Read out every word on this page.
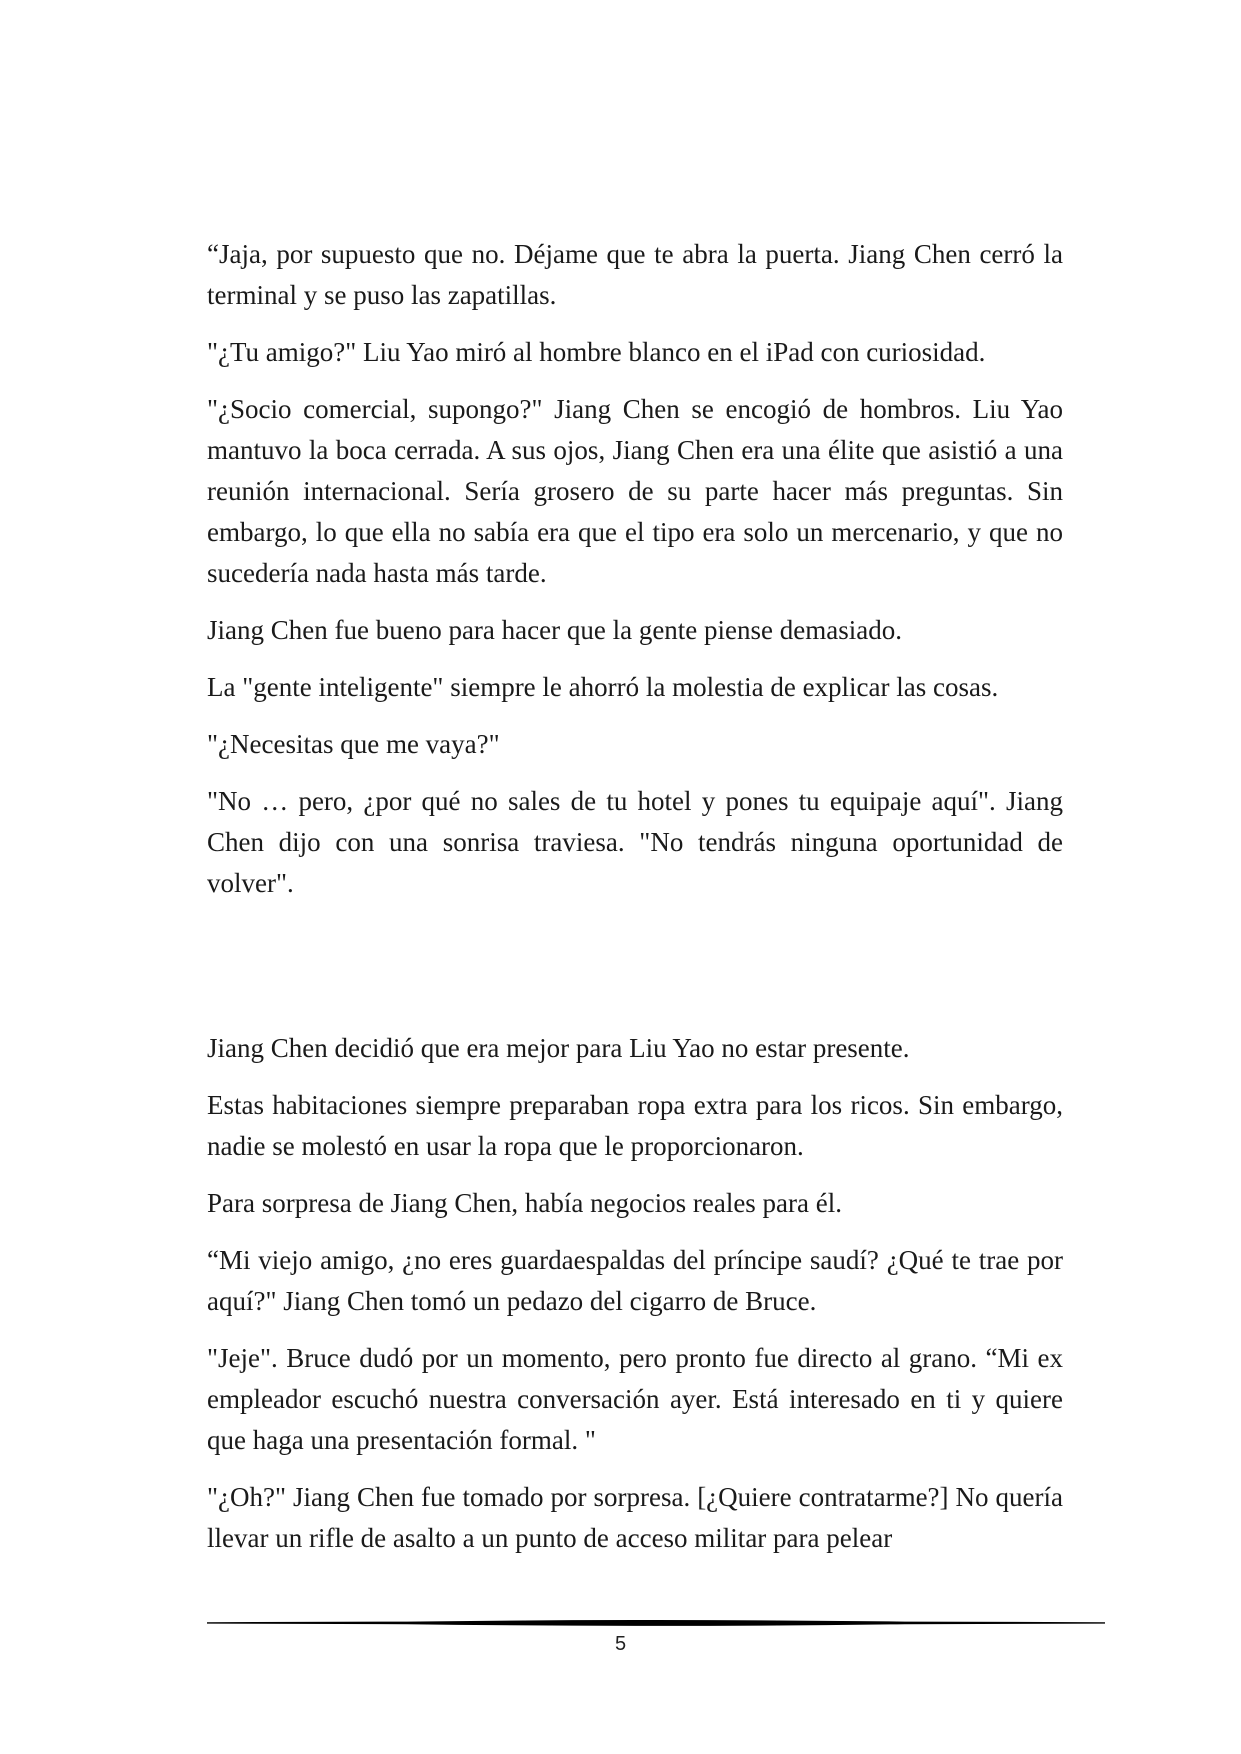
“Jaja, por supuesto que no. Déjame que te abra la puerta. Jiang Chen cerró la terminal y se puso las zapatillas.

"¿Tu amigo?" Liu Yao miró al hombre blanco en el iPad con curiosidad.

"¿Socio comercial, supongo?" Jiang Chen se encogió de hombros. Liu Yao mantuvo la boca cerrada. A sus ojos, Jiang Chen era una élite que asistió a una reunión internacional. Sería grosero de su parte hacer más preguntas. Sin embargo, lo que ella no sabía era que el tipo era solo un mercenario, y que no sucedería nada hasta más tarde.

Jiang Chen fue bueno para hacer que la gente piense demasiado.

La "gente inteligente" siempre le ahorró la molestia de explicar las cosas.

"¿Necesitas que me vaya?"

"No … pero, ¿por qué no sales de tu hotel y pones tu equipaje aquí". Jiang Chen dijo con una sonrisa traviesa. "No tendrás ninguna oportunidad de volver".

Jiang Chen decidió que era mejor para Liu Yao no estar presente.

Estas habitaciones siempre preparaban ropa extra para los ricos. Sin embargo, nadie se molestó en usar la ropa que le proporcionaron.

Para sorpresa de Jiang Chen, había negocios reales para él.

“Mi viejo amigo, ¿no eres guardaespaldas del príncipe saudí? ¿Qué te trae por aquí?" Jiang Chen tomó un pedazo del cigarro de Bruce.

"Jeje". Bruce dudó por un momento, pero pronto fue directo al grano. “Mi ex empleador escuchó nuestra conversación ayer. Está interesado en ti y quiere que haga una presentación formal. "

"¿Oh?" Jiang Chen fue tomado por sorpresa. [¿Quiere contratarme?] No quería llevar un rifle de asalto a un punto de acceso militar para pelear

5
